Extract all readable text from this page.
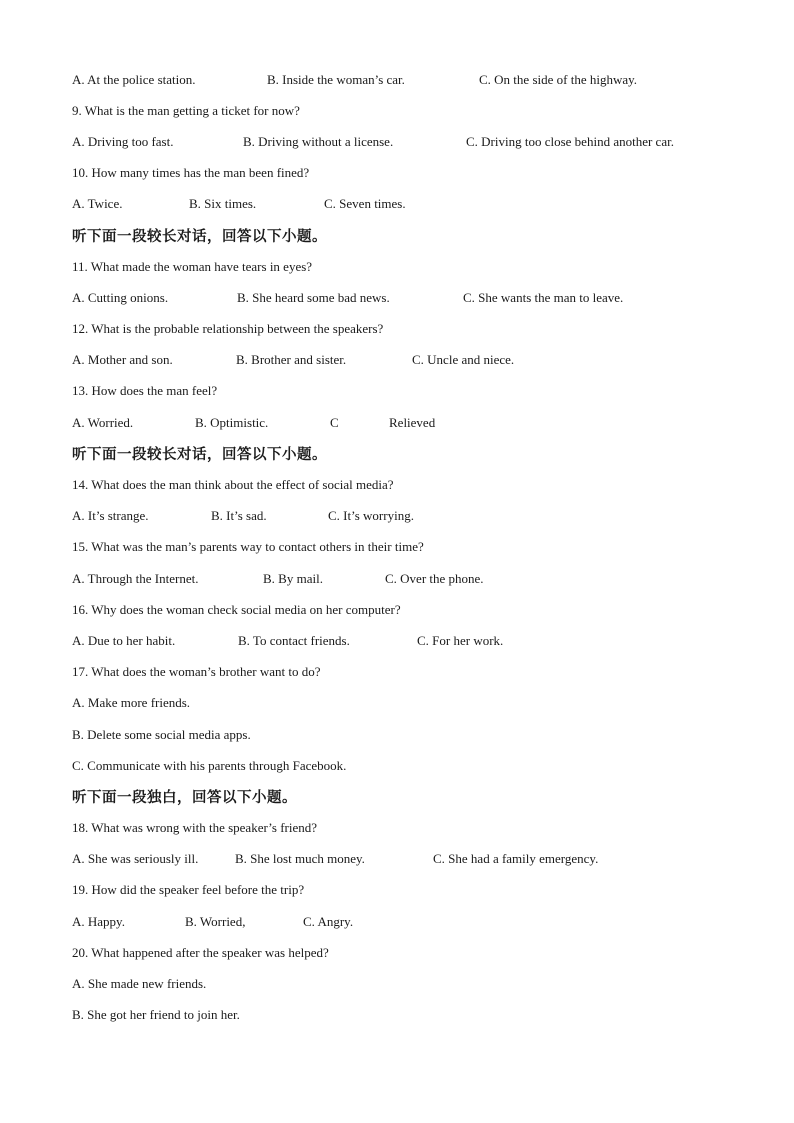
A. At the police station.	B. Inside the woman’s car.	C. On the side of the highway.
9. What is the man getting a ticket for now?
A. Driving too fast.	B. Driving without a license.	C. Driving too close behind another car.
10. How many times has the man been fined?
A. Twice.	B. Six times.	C. Seven times.
听下面一段较长对话，回答以下小题。
11. What made the woman have tears in eyes?
A. Cutting onions.	B. She heard some bad news.	C. She wants the man to leave.
12. What is the probable relationship between the speakers?
A. Mother and son.	B. Brother and sister.	C. Uncle and niece.
13. How does the man feel?
A. Worried.	B. Optimistic.	C	Relieved
听下面一段较长对话，回答以下小题。
14. What does the man think about the effect of social media?
A. It’s strange.	B. It’s sad.	C. It’s worrying.
15. What was the man’s parents way to contact others in their time?
A. Through the Internet.	B. By mail.	C. Over the phone.
16. Why does the woman check social media on her computer?
A. Due to her habit.	B. To contact friends.	C. For her work.
17. What does the woman’s brother want to do?
A. Make more friends.
B. Delete some social media apps.
C. Communicate with his parents through Facebook.
听下面一段独白，回答以下小题。
18. What was wrong with the speaker’s friend?
A. She was seriously ill.	B. She lost much money.	C. She had a family emergency.
19. How did the speaker feel before the trip?
A. Happy.	B. Worried,	C. Angry.
20. What happened after the speaker was helped?
A. She made new friends.
B. She got her friend to join her.
